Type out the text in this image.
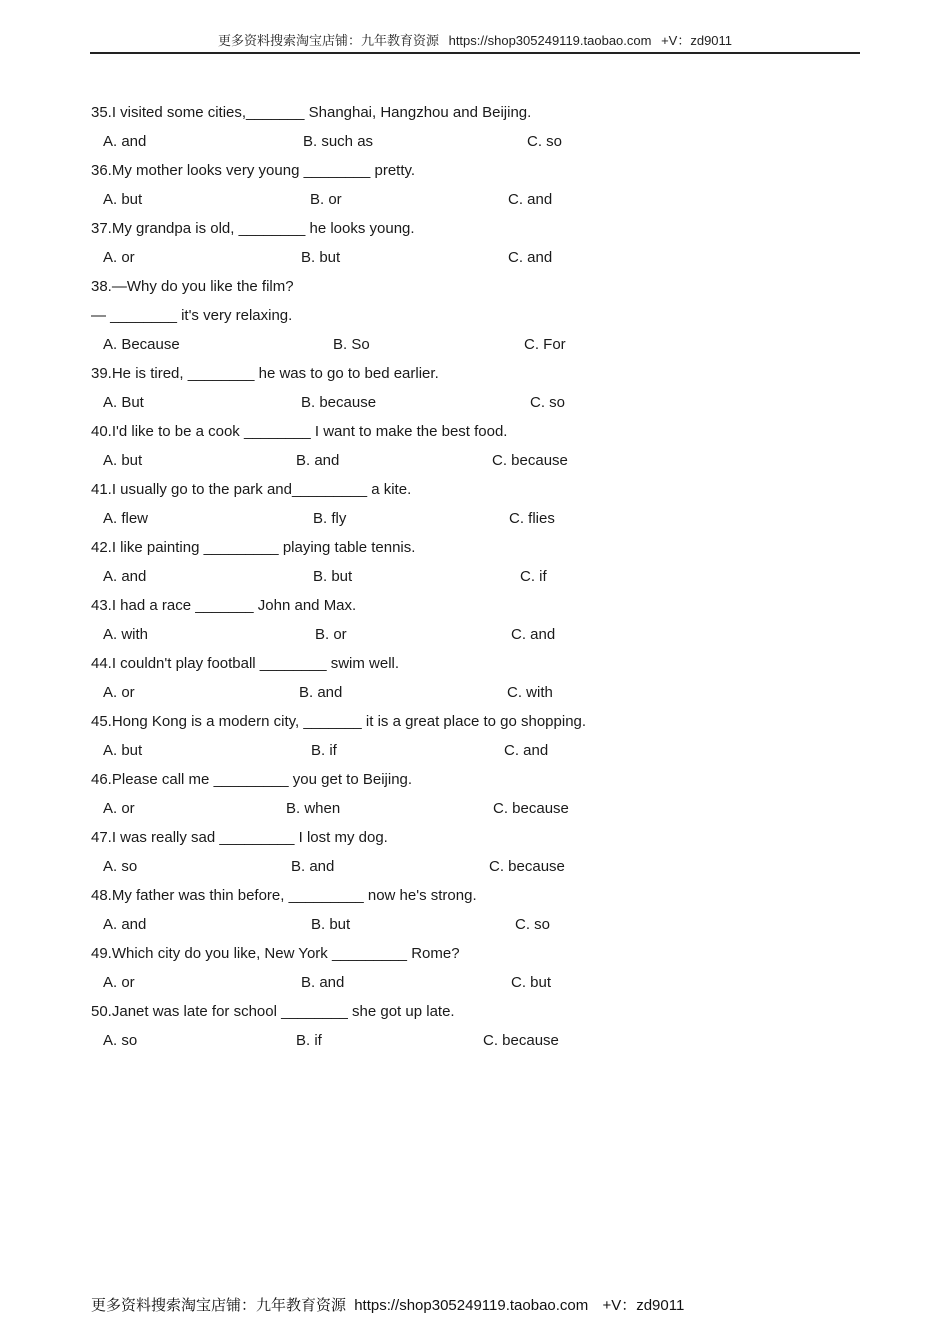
更多资料搜索淘宝店铺：九年教育资源 https://shop305249119.taobao.com +V：zd9011
35.I visited some cities,_______ Shanghai, Hangzhou and Beijing.
A. and	B. such as	C. so
36.My mother looks very young ________ pretty.
A. but	B. or	C. and
37.My grandpa is old, ________ he looks young.
A. or	B. but	C. and
38.—Why do you like the film?
— ________ it's very relaxing.
A. Because	B. So	C. For
39.He is tired, ________ he was to go to bed earlier.
A. But	B. because	C. so
40.I'd like to be a cook ________ I want to make the best food.
A. but	B. and	C. because
41.I usually go to the park and_________ a kite.
A. flew	B. fly	C. flies
42.I like painting _________ playing table tennis.
A. and	B. but	C. if
43.I had a race _______ John and Max.
A. with	B. or	C. and
44.I couldn't play football ________ swim well.
A. or	B. and	C. with
45.Hong Kong is a modern city, _______ it is a great place to go shopping.
A. but	B. if	C. and
46.Please call me _________ you get to Beijing.
A. or	B. when	C. because
47.I was really sad _________ I lost my dog.
A. so	B. and	C. because
48.My father was thin before, _________ now he's strong.
A. and	B. but	C. so
49.Which city do you like, New York _________ Rome?
A. or	B. and	C. but
50.Janet was late for school ________ she got up late.
A. so	B. if	C. because
更多资料搜索淘宝店铺：九年教育资源 https://shop305249119.taobao.com +V：zd9011
